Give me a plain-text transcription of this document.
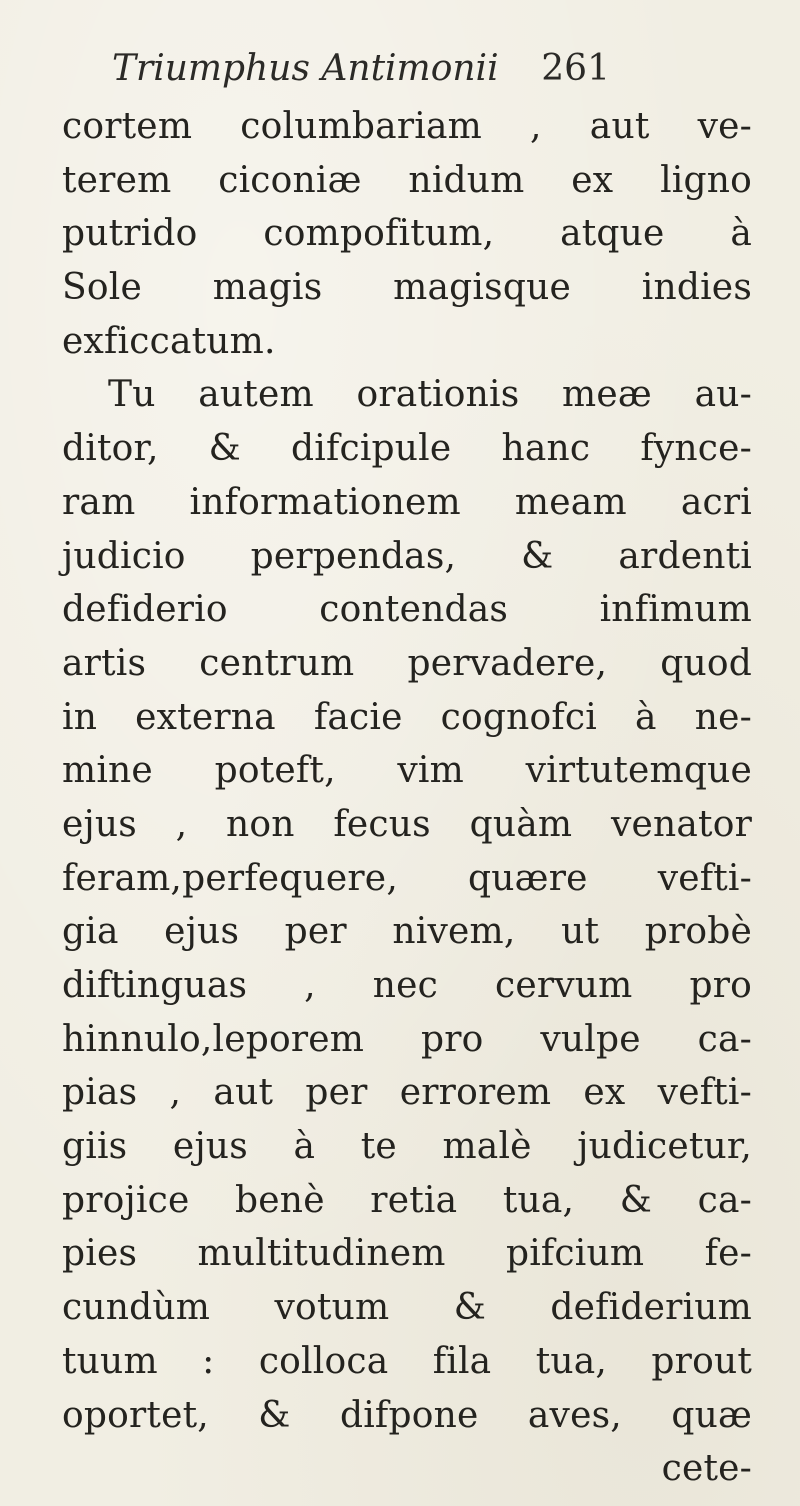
Triumphus Antimonii 261
cortem columbariam , aut ve-
terem ciconiæ nidum ex ligno
putrido compofitum, atque à
Sole magis magisque indies
exficcatum.
Tu autem orationis meæ au-
ditor, & difcipule hanc fynce-
ram informationem meam acri
judicio perpendas, & ardenti
defiderio contendas infimum
artis centrum pervadere, quod
in externa facie cognofci à ne-
mine poteft, vim virtutemque
ejus , non fecus quàm venator
feram,perfequere, quære vefti-
gia ejus per nivem, ut probè
diftinguas , nec cervum pro
hinnulo,leporem pro vulpe ca-
pias , aut per errorem ex vefti-
giis ejus à te malè judicetur,
projice benè retia tua, & ca-
pies multitudinem pifcium fe-
cundùm votum & defiderium
tuum : colloca fila tua, prout
oportet, & difpone aves, quæ
cete-
